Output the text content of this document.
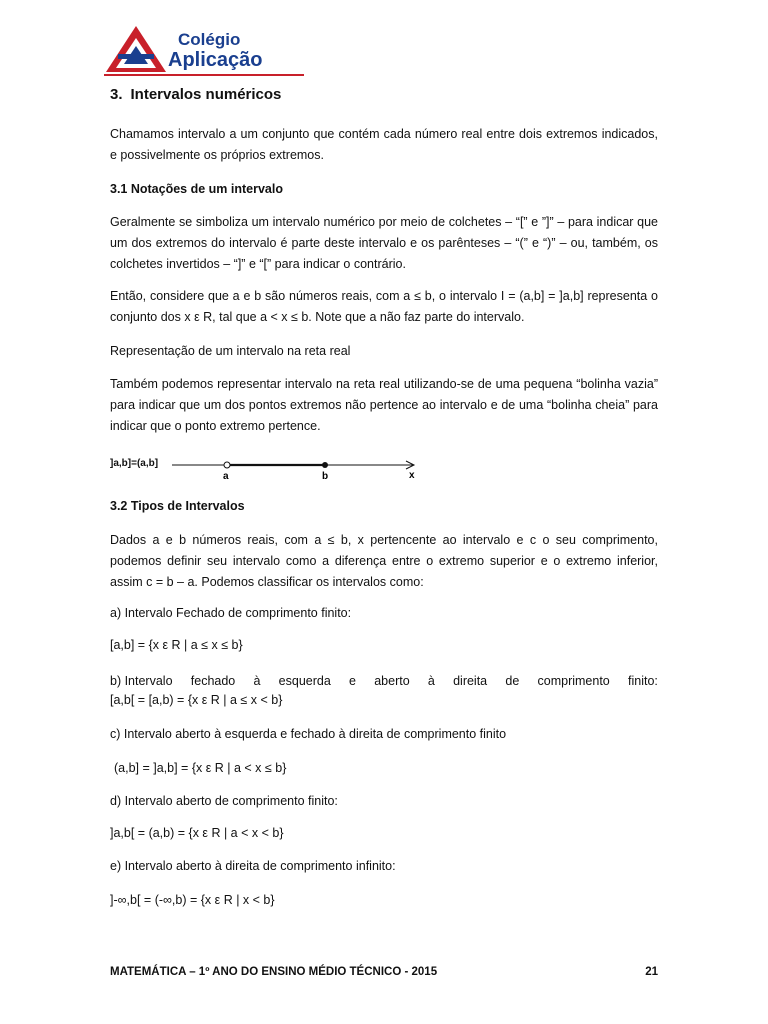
Colégio
Aplicação
3. Intervalos numéricos
Chamamos intervalo a um conjunto que contém cada número real entre dois extremos indicados, e possivelmente os próprios extremos.
3.1 Notações de um intervalo
Geralmente se simboliza um intervalo numérico por meio de colchetes – “[” e ”]” – para indicar que um dos extremos do intervalo é parte deste intervalo e os parênteses – “(” e “)” – ou, também, os colchetes invertidos – “]” e “[” para indicar o contrário.
Então, considere que a e b são números reais, com a ≤ b, o intervalo I = (a,b] = ]a,b] representa o conjunto dos x ε R, tal que a < x ≤ b. Note que a não faz parte do intervalo.
Representação de um intervalo na reta real
Também podemos representar intervalo na reta real utilizando-se de uma pequena “bolinha vazia” para indicar que um dos pontos extremos não pertence ao intervalo e de uma “bolinha cheia” para indicar que o ponto extremo pertence.
]a,b]=(a,b]
a	b	x
3.2 Tipos de Intervalos
Dados a e b números reais, com a ≤ b, x pertencente ao intervalo e c o seu comprimento, podemos definir seu intervalo como a diferença entre o extremo superior e o extremo inferior, assim c = b – a. Podemos classificar os intervalos como:
a) Intervalo Fechado de comprimento finito:
[a,b] = {x ε R | a ≤ x ≤ b}
b) Intervalo fechado à esquerda e aberto à direita de comprimento finito:
[a,b[ = [a,b) = {x ε R | a ≤ x < b}
c) Intervalo aberto à esquerda e fechado à direita de comprimento finito
(a,b] = ]a,b] = {x ε R | a < x ≤ b}
d) Intervalo aberto de comprimento finito:
]a,b[ = (a,b) = {x ε R | a < x < b}
e) Intervalo aberto à direita de comprimento infinito:
]-∞,b[ = (-∞,b) = {x ε R | x < b}
MATEMÁTICA – 1º ANO DO ENSINO MÉDIO TÉCNICO - 2015	21
